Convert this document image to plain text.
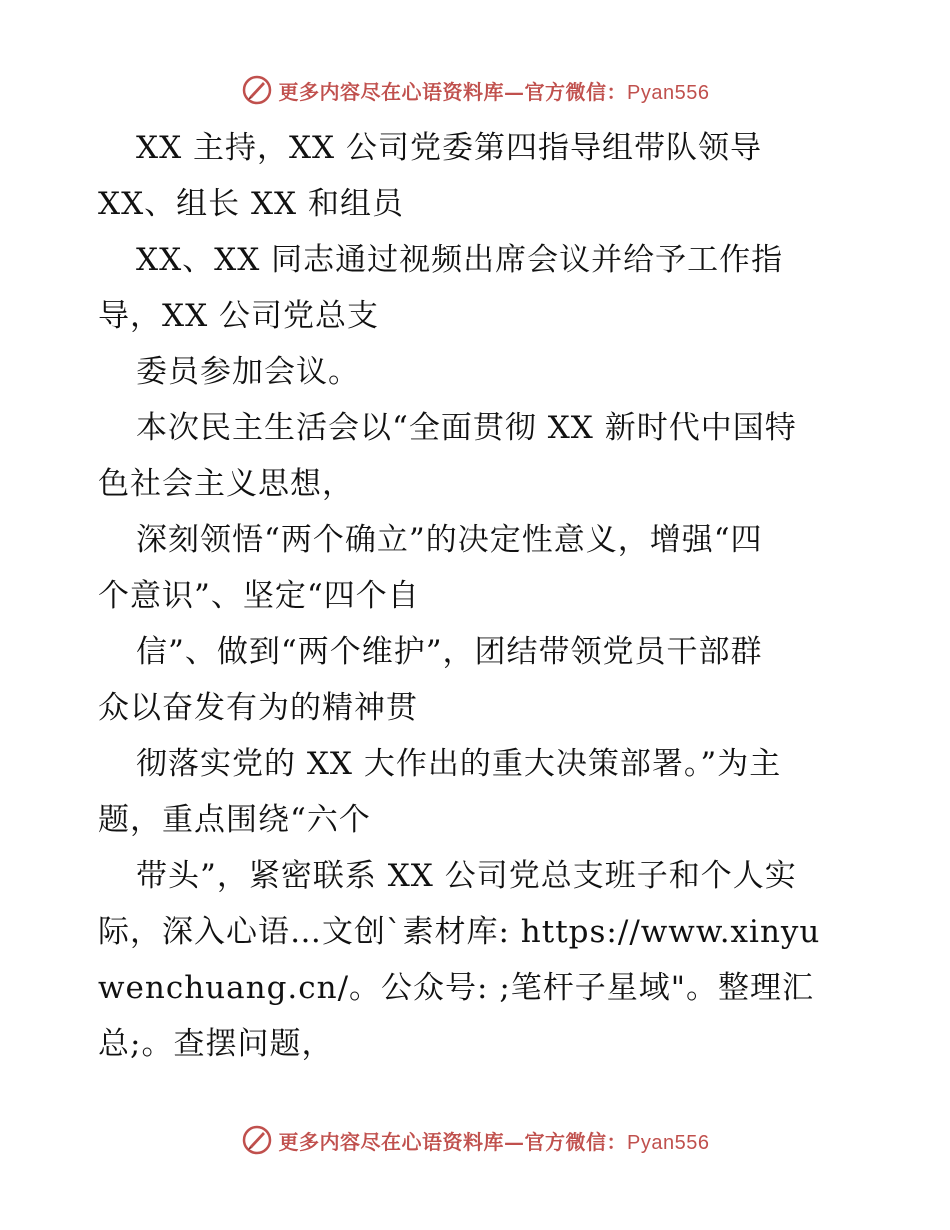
更多内容尽在心语资料库—官方微信：Pyan556
XX 主持，XX 公司党委第四指导组带队领导
XX、组长 XX 和组员
XX、XX 同志通过视频出席会议并给予工作指
导，XX 公司党总支
委员参加会议。
本次民主生活会以“全面贯彻 XX 新时代中国特
色社会主义思想，
深刻领悟“两个确立”的决定性意义，增强“四
个意识”、坚定“四个自
信”、做到“两个维护”，团结带领党员干部群
众以奋发有为的精神贯
彻落实党的 XX 大作出的重大决策部署。”为主
题，重点围绕“六个
带头”，紧密联系 XX 公司党总支班子和个人实
际，深入心语…文创`素材库: https://www.xinyu
wenchuang.cn/。公众号: ;笔杆子星域"。整理汇
总;。查摆问题，
更多内容尽在心语资料库—官方微信：Pyan556
